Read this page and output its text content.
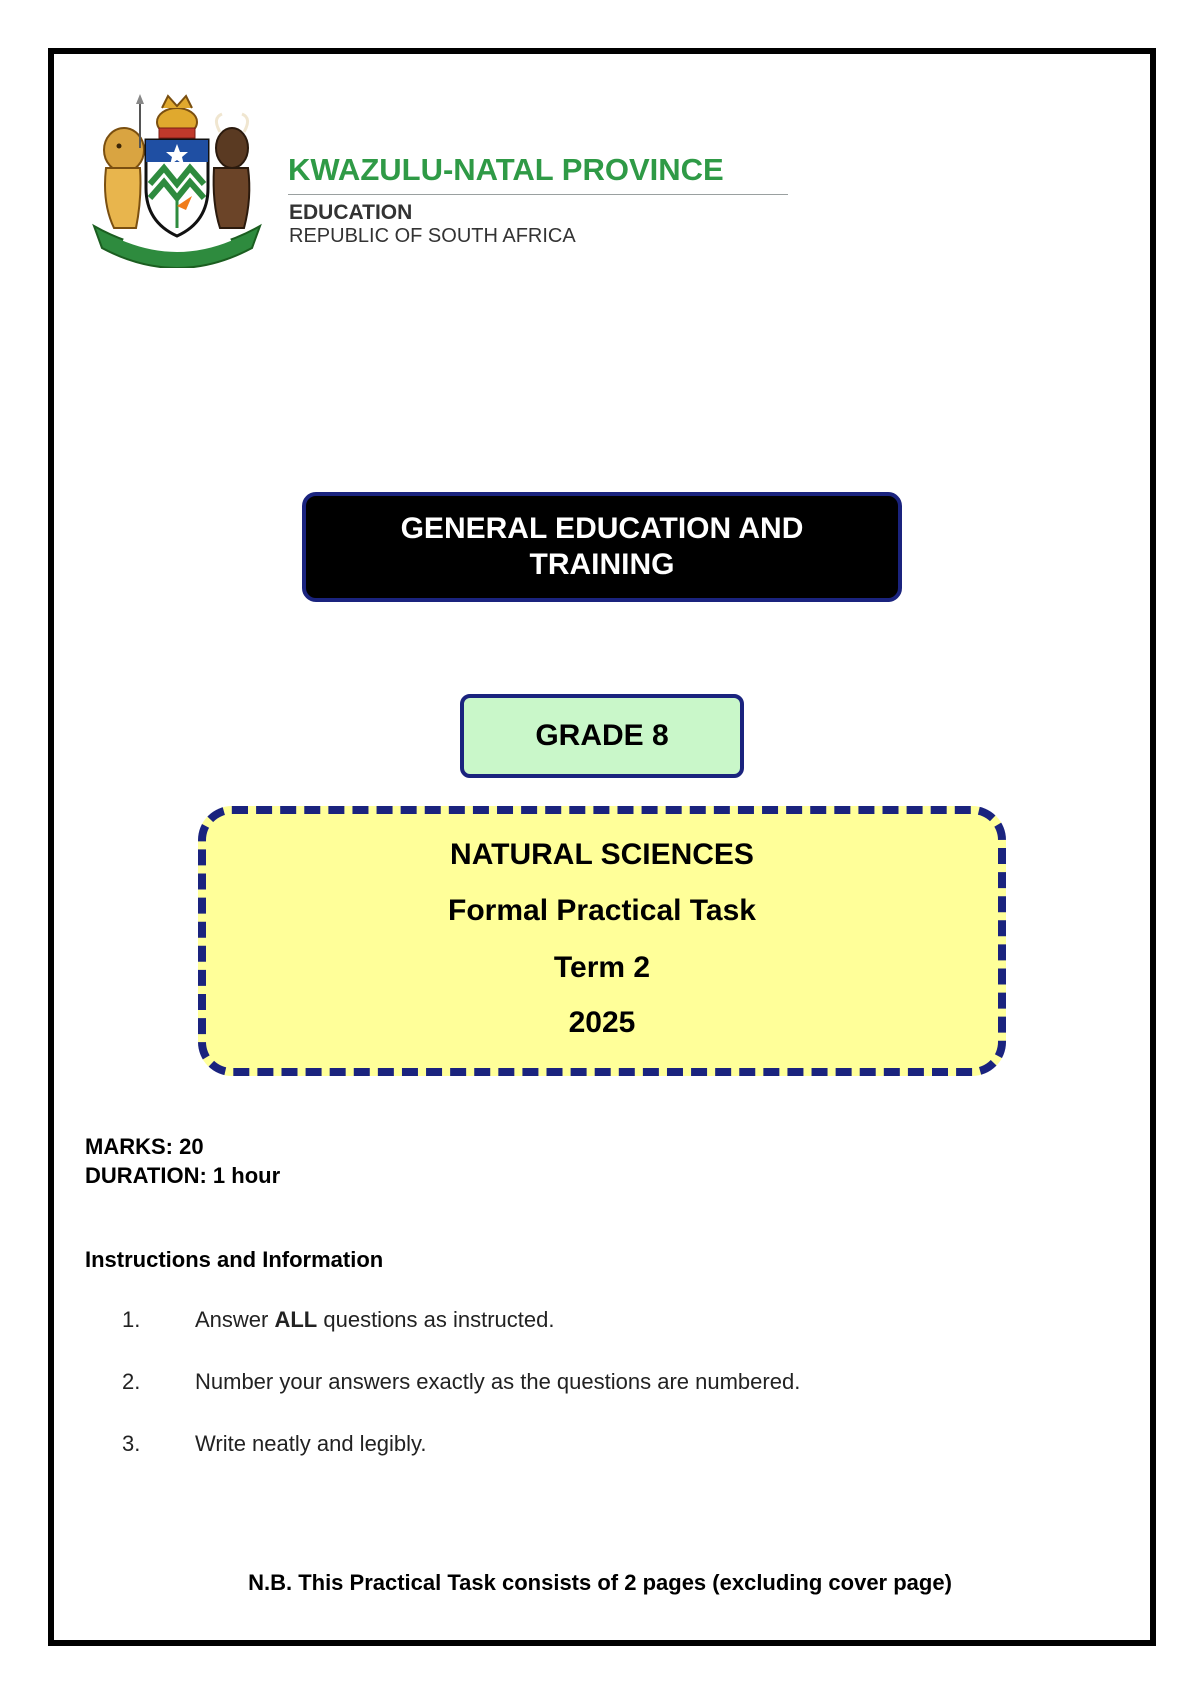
KWAZULU-NATAL PROVINCE
EDUCATION
REPUBLIC OF SOUTH AFRICA
GENERAL EDUCATION AND TRAINING
GRADE 8
NATURAL SCIENCES
Formal Practical Task
Term 2
2025
MARKS: 20
DURATION: 1 hour
Instructions and Information
1. Answer ALL questions as instructed.
2. Number your answers exactly as the questions are numbered.
3. Write neatly and legibly.
N.B. This Practical Task consists of 2 pages (excluding cover page)
